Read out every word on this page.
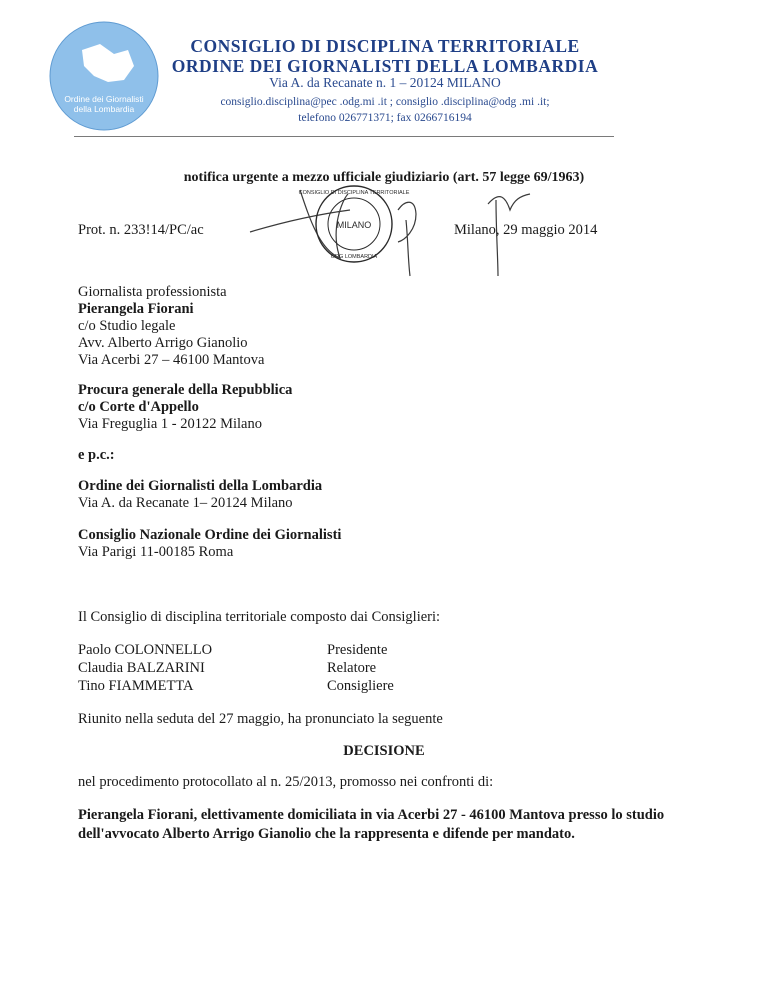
Ordine dei Giornalisti
della Lombardia
CONSIGLIO DI DISCIPLINA TERRITORIALE
ORDINE DEI GIORNALISTI DELLA LOMBARDIA
Via A. da Recanate n. 1 – 20124 MILANO
consiglio.disciplina@pec .odg.mi .it ; consiglio .disciplina@odg .mi .it;
telefono 026771371; fax 0266716194
notifica urgente a mezzo ufficiale giudiziario (art. 57 legge 69/1963)
MILANO
CONSIGLIO DI DISCIPLINA TERRITORIALE
ODG LOMBARDIA
Prot. n. 233!14/PC/ac	Milano, 29 maggio 2014
Giornalista professionista
Pierangela Fiorani
c/o Studio legale
Avv. Alberto Arrigo Gianolio
Via Acerbi 27 – 46100 Mantova
Procura generale della Repubblica
c/o Corte d'Appello
Via Freguglia 1 - 20122 Milano
e p.c.:
Ordine dei Giornalisti della Lombardia
Via A. da Recanate 1– 20124 Milano
Consiglio Nazionale Ordine dei Giornalisti
Via Parigi 11-00185 Roma
Il Consiglio di disciplina territoriale composto dai Consiglieri:
Paolo COLONNELLO	Presidente
Claudia BALZARINI	Relatore
Tino FIAMMETTA	Consigliere
Riunito nella seduta del 27 maggio, ha pronunciato la seguente
DECISIONE
nel procedimento protocollato al n. 25/2013, promosso nei confronti di:
Pierangela Fiorani, elettivamente domiciliata in via Acerbi 27 - 46100 Mantova presso lo studio dell'avvocato Alberto Arrigo Gianolio che la rappresenta e difende per mandato.
